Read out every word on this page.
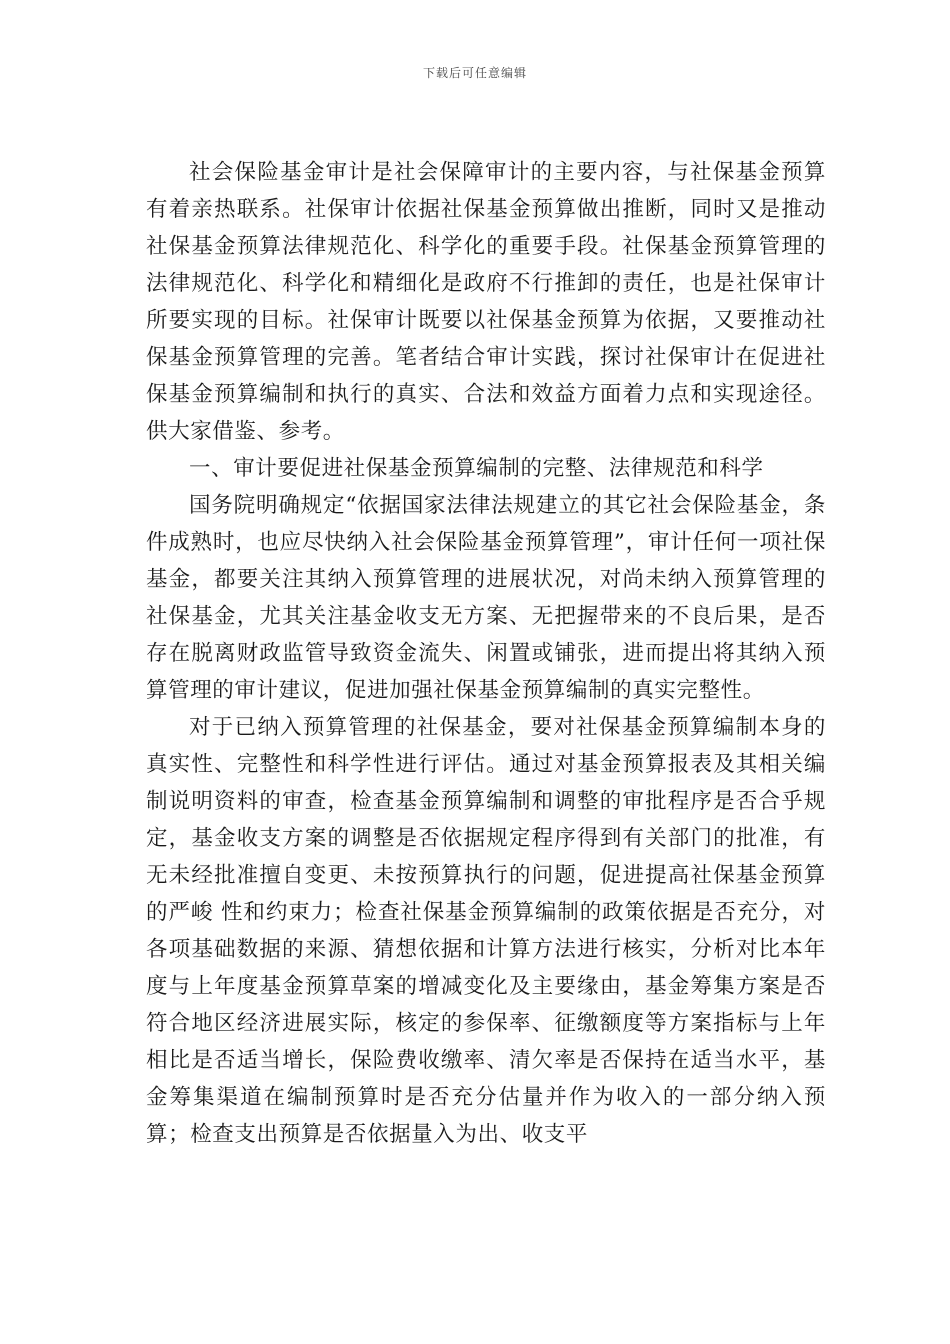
下载后可任意编辑

社会保险基金审计是社会保障审计的主要内容，与社保基金预算有着亲热联系。社保审计依据社保基金预算做出推断，同时又是推动社保基金预算法律规范化、科学化的重要手段。社保基金预算管理的法律规范化、科学化和精细化是政府不行推卸的责任，也是社保审计所要实现的目标。社保审计既要以社保基金预算为依据，又要推动社保基金预算管理的完善。笔者结合审计实践，探讨社保审计在促进社保基金预算编制和执行的真实、合法和效益方面着力点和实现途径。供大家借鉴、参考。

一、审计要促进社保基金预算编制的完整、法律规范和科学

国务院明确规定“依据国家法律法规建立的其它社会保险基金，条件成熟时，也应尽快纳入社会保险基金预算管理”，审计任何一项社保基金，都要关注其纳入预算管理的进展状况，对尚未纳入预算管理的社保基金，尤其关注基金收支无方案、无把握带来的不良后果，是否存在脱离财政监管导致资金流失、闲置或铺张，进而提出将其纳入预算管理的审计建议，促进加强社保基金预算编制的真实完整性。

对于已纳入预算管理的社保基金，要对社保基金预算编制本身的真实性、完整性和科学性进行评估。通过对基金预算报表及其相关编制说明资料的审查，检查基金预算编制和调整的审批程序是否合乎规定，基金收支方案的调整是否依据规定程序得到有关部门的批准，有无未经批准擅自变更、未按预算执行的问题，促进提高社保基金预算的严峻 性和约束力；检查社保基金预算编制的政策依据是否充分，对各项基础数据的来源、猜想依据和计算方法进行核实，分析对比本年度与上年度基金预算草案的增减变化及主要缘由，基金筹集方案是否符合地区经济进展实际，核定的参保率、征缴额度等方案指标与上年相比是否适当增长，保险费收缴率、清欠率是否保持在适当水平，基金筹集渠道在编制预算时是否充分估量并作为收入的一部分纳入预算；检查支出预算是否依据量入为出、收支平
